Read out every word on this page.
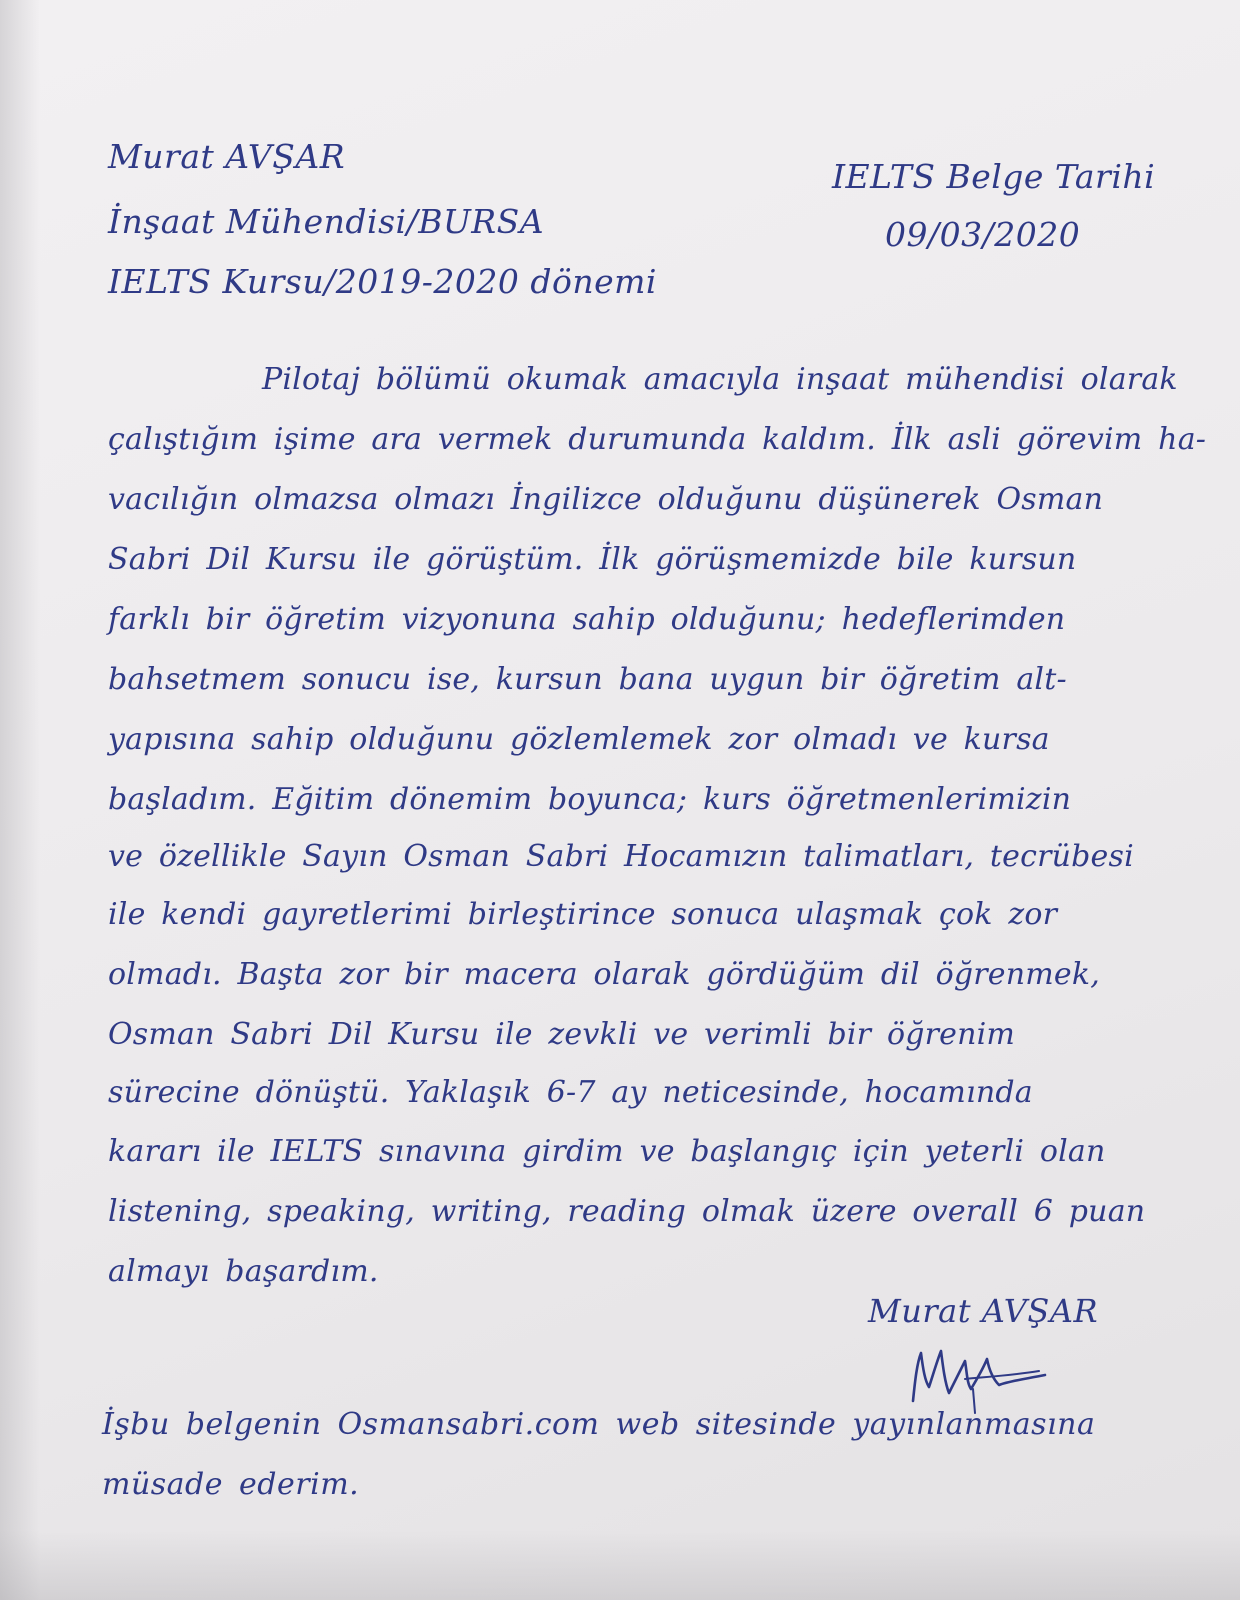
Murat AVŞAR
İnşaat Mühendisi/BURSA
IELTS Kursu/2019-2020 dönemi
IELTS Belge Tarihi
09/03/2020
Pilotaj bölümü okumak amacıyla inşaat mühendisi olarak
çalıştığım işime ara vermek durumunda kaldım. İlk asli görevim ha-
vacılığın olmazsa olmazı İngilizce olduğunu düşünerek Osman
Sabri Dil Kursu ile görüştüm. İlk görüşmemizde bile kursun
farklı bir öğretim vizyonuna sahip olduğunu; hedeflerimden
bahsetmem sonucu ise, kursun bana uygun bir öğretim alt-
yapısına sahip olduğunu gözlemlemek zor olmadı ve kursa
başladım. Eğitim dönemim boyunca; kurs öğretmenlerimizin
ve özellikle Sayın Osman Sabri Hocamızın talimatları, tecrübesi
ile kendi gayretlerimi birleştirince sonuca ulaşmak çok zor
olmadı. Başta zor bir macera olarak gördüğüm dil öğrenmek,
Osman Sabri Dil Kursu ile zevkli ve verimli bir öğrenim
sürecine dönüştü. Yaklaşık 6-7 ay neticesinde, hocamında
kararı ile IELTS sınavına girdim ve başlangıç için yeterli olan
listening, speaking, writing, reading olmak üzere overall 6 puan
almayı başardım.
Murat AVŞAR
İşbu belgenin Osmansabri.com web sitesinde yayınlanmasına
müsade ederim.
